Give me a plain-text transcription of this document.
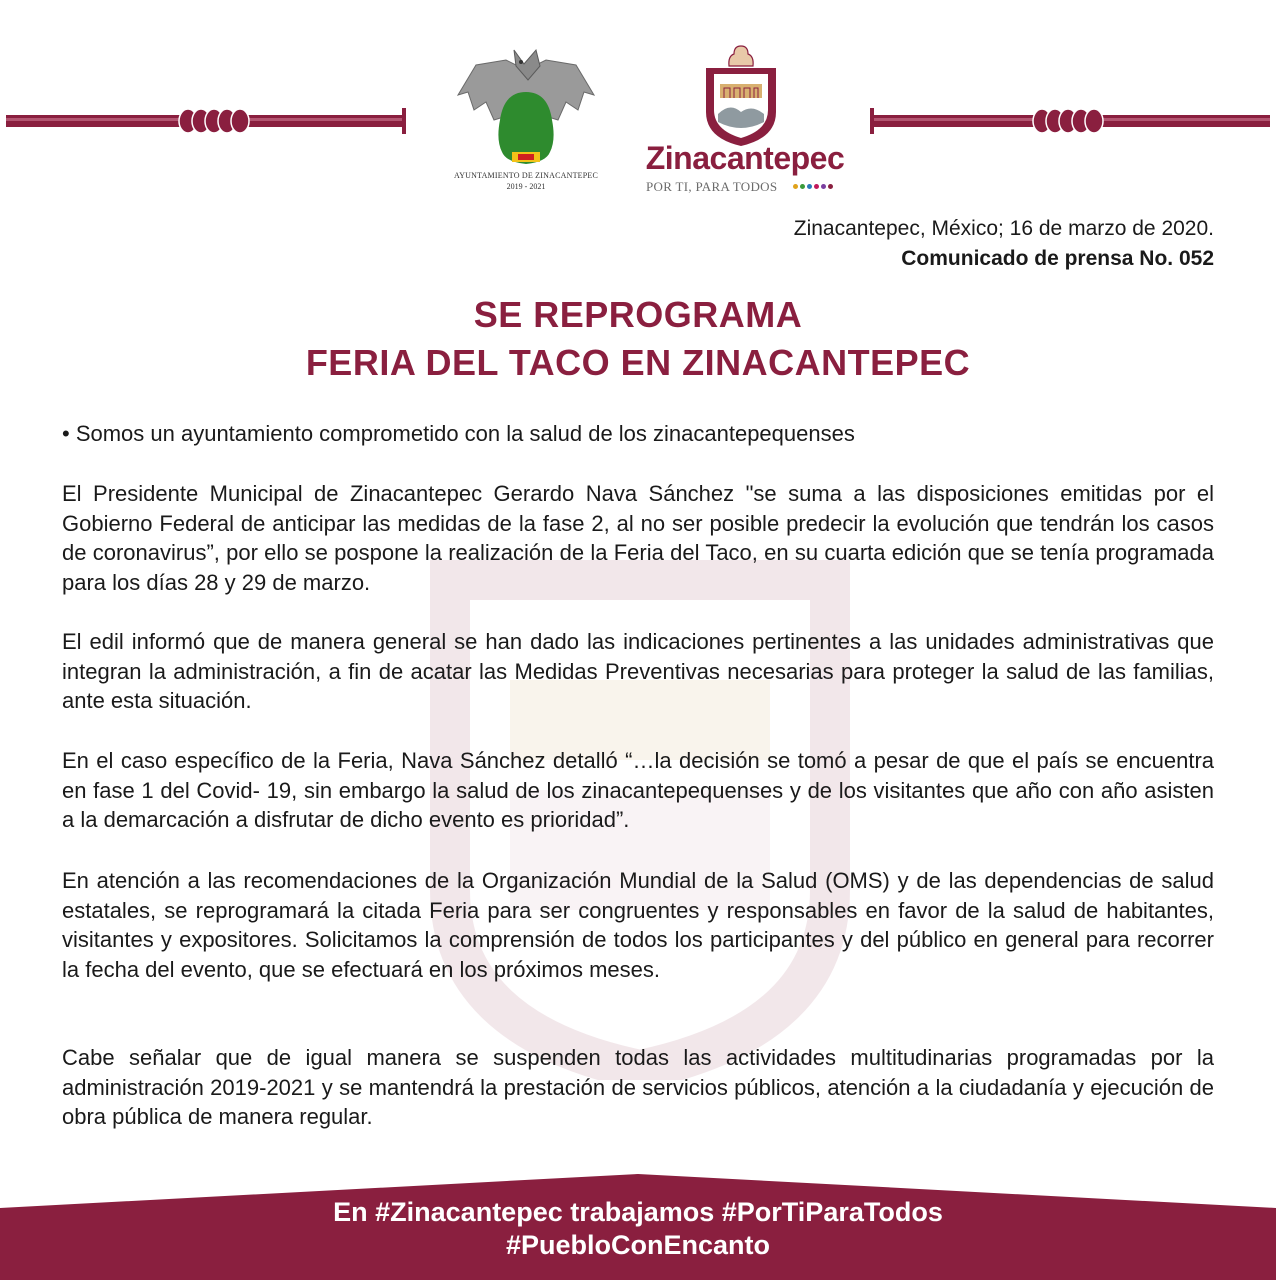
AYUNTAMIENTO DE ZINACANTEPEC
2019 - 2021
Zinacantepec
POR TI, PARA TODOS
Zinacantepec, México; 16 de marzo de 2020.
Comunicado de prensa No. 052
SE REPROGRAMA
FERIA DEL TACO EN ZINACANTEPEC

• Somos un ayuntamiento comprometido con la salud de los zinacantepequenses

El Presidente Municipal de Zinacantepec Gerardo Nava Sánchez "se suma a las disposiciones emitidas por el Gobierno Federal de anticipar las medidas de la fase 2, al no ser posible predecir la evolución que tendrán los casos de coronavirus”, por ello se pospone la realización de la Feria del Taco, en su cuarta edición que se tenía programada para los días 28 y 29 de marzo.

El edil informó que de manera general se han dado las indicaciones pertinentes a las unidades administrativas que integran la administración, a fin de acatar las Medidas Preventivas necesarias para proteger la salud de las familias, ante esta situación.

En el caso específico de la Feria, Nava Sánchez detalló “…la decisión se tomó a pesar de que el país se encuentra en fase 1 del Covid- 19, sin embargo la salud de los zinacantepequenses y de los visitantes que año con año asisten a la demarcación a disfrutar de dicho evento es prioridad”.

En atención a las recomendaciones de la Organización Mundial de la Salud (OMS) y de las dependencias de salud estatales, se reprogramará la citada Feria para ser congruentes y responsables en favor de la salud de habitantes, visitantes y expositores. Solicitamos la comprensión de todos los participantes y del público en general para recorrer la fecha del evento, que se efectuará en los próximos meses.

Cabe señalar que de igual manera se suspenden todas las actividades multitudinarias programadas por la administración 2019-2021 y se mantendrá la prestación de servicios públicos, atención a la ciudadanía y ejecución de obra pública de manera regular.

En #Zinacantepec trabajamos #PorTiParaTodos
#PuebloConEncanto
